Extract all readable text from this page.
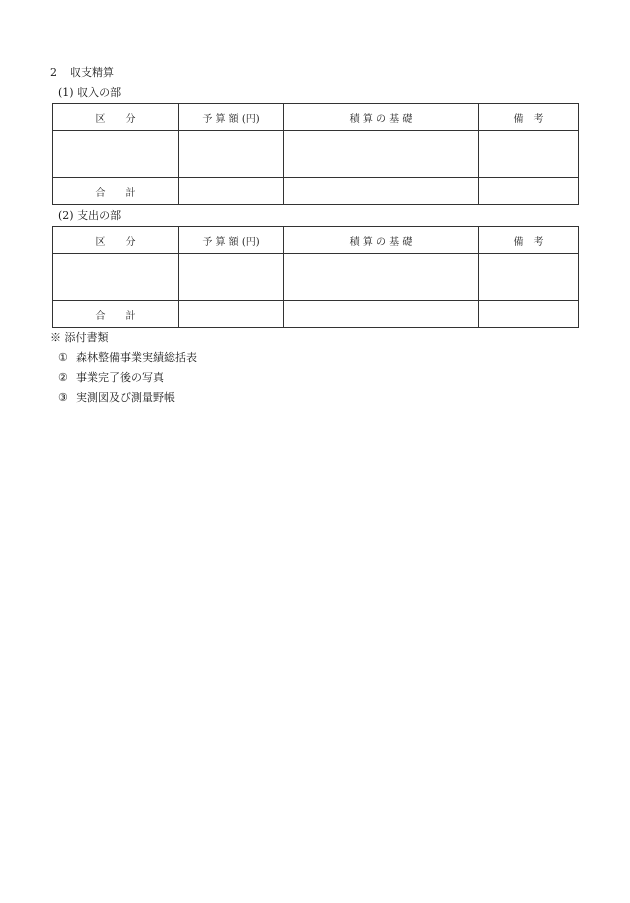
2 収支精算
(1) 収入の部
区　　分	予 算 額 (円)	積 算 の 基 礎	備　考

合　　計			
(2) 支出の部
区　　分	予 算 額 (円)	積 算 の 基 礎	備　考

合　　計			
※ 添付書類
① 森林整備事業実績総括表
② 事業完了後の写真
③ 実測図及び測量野帳
